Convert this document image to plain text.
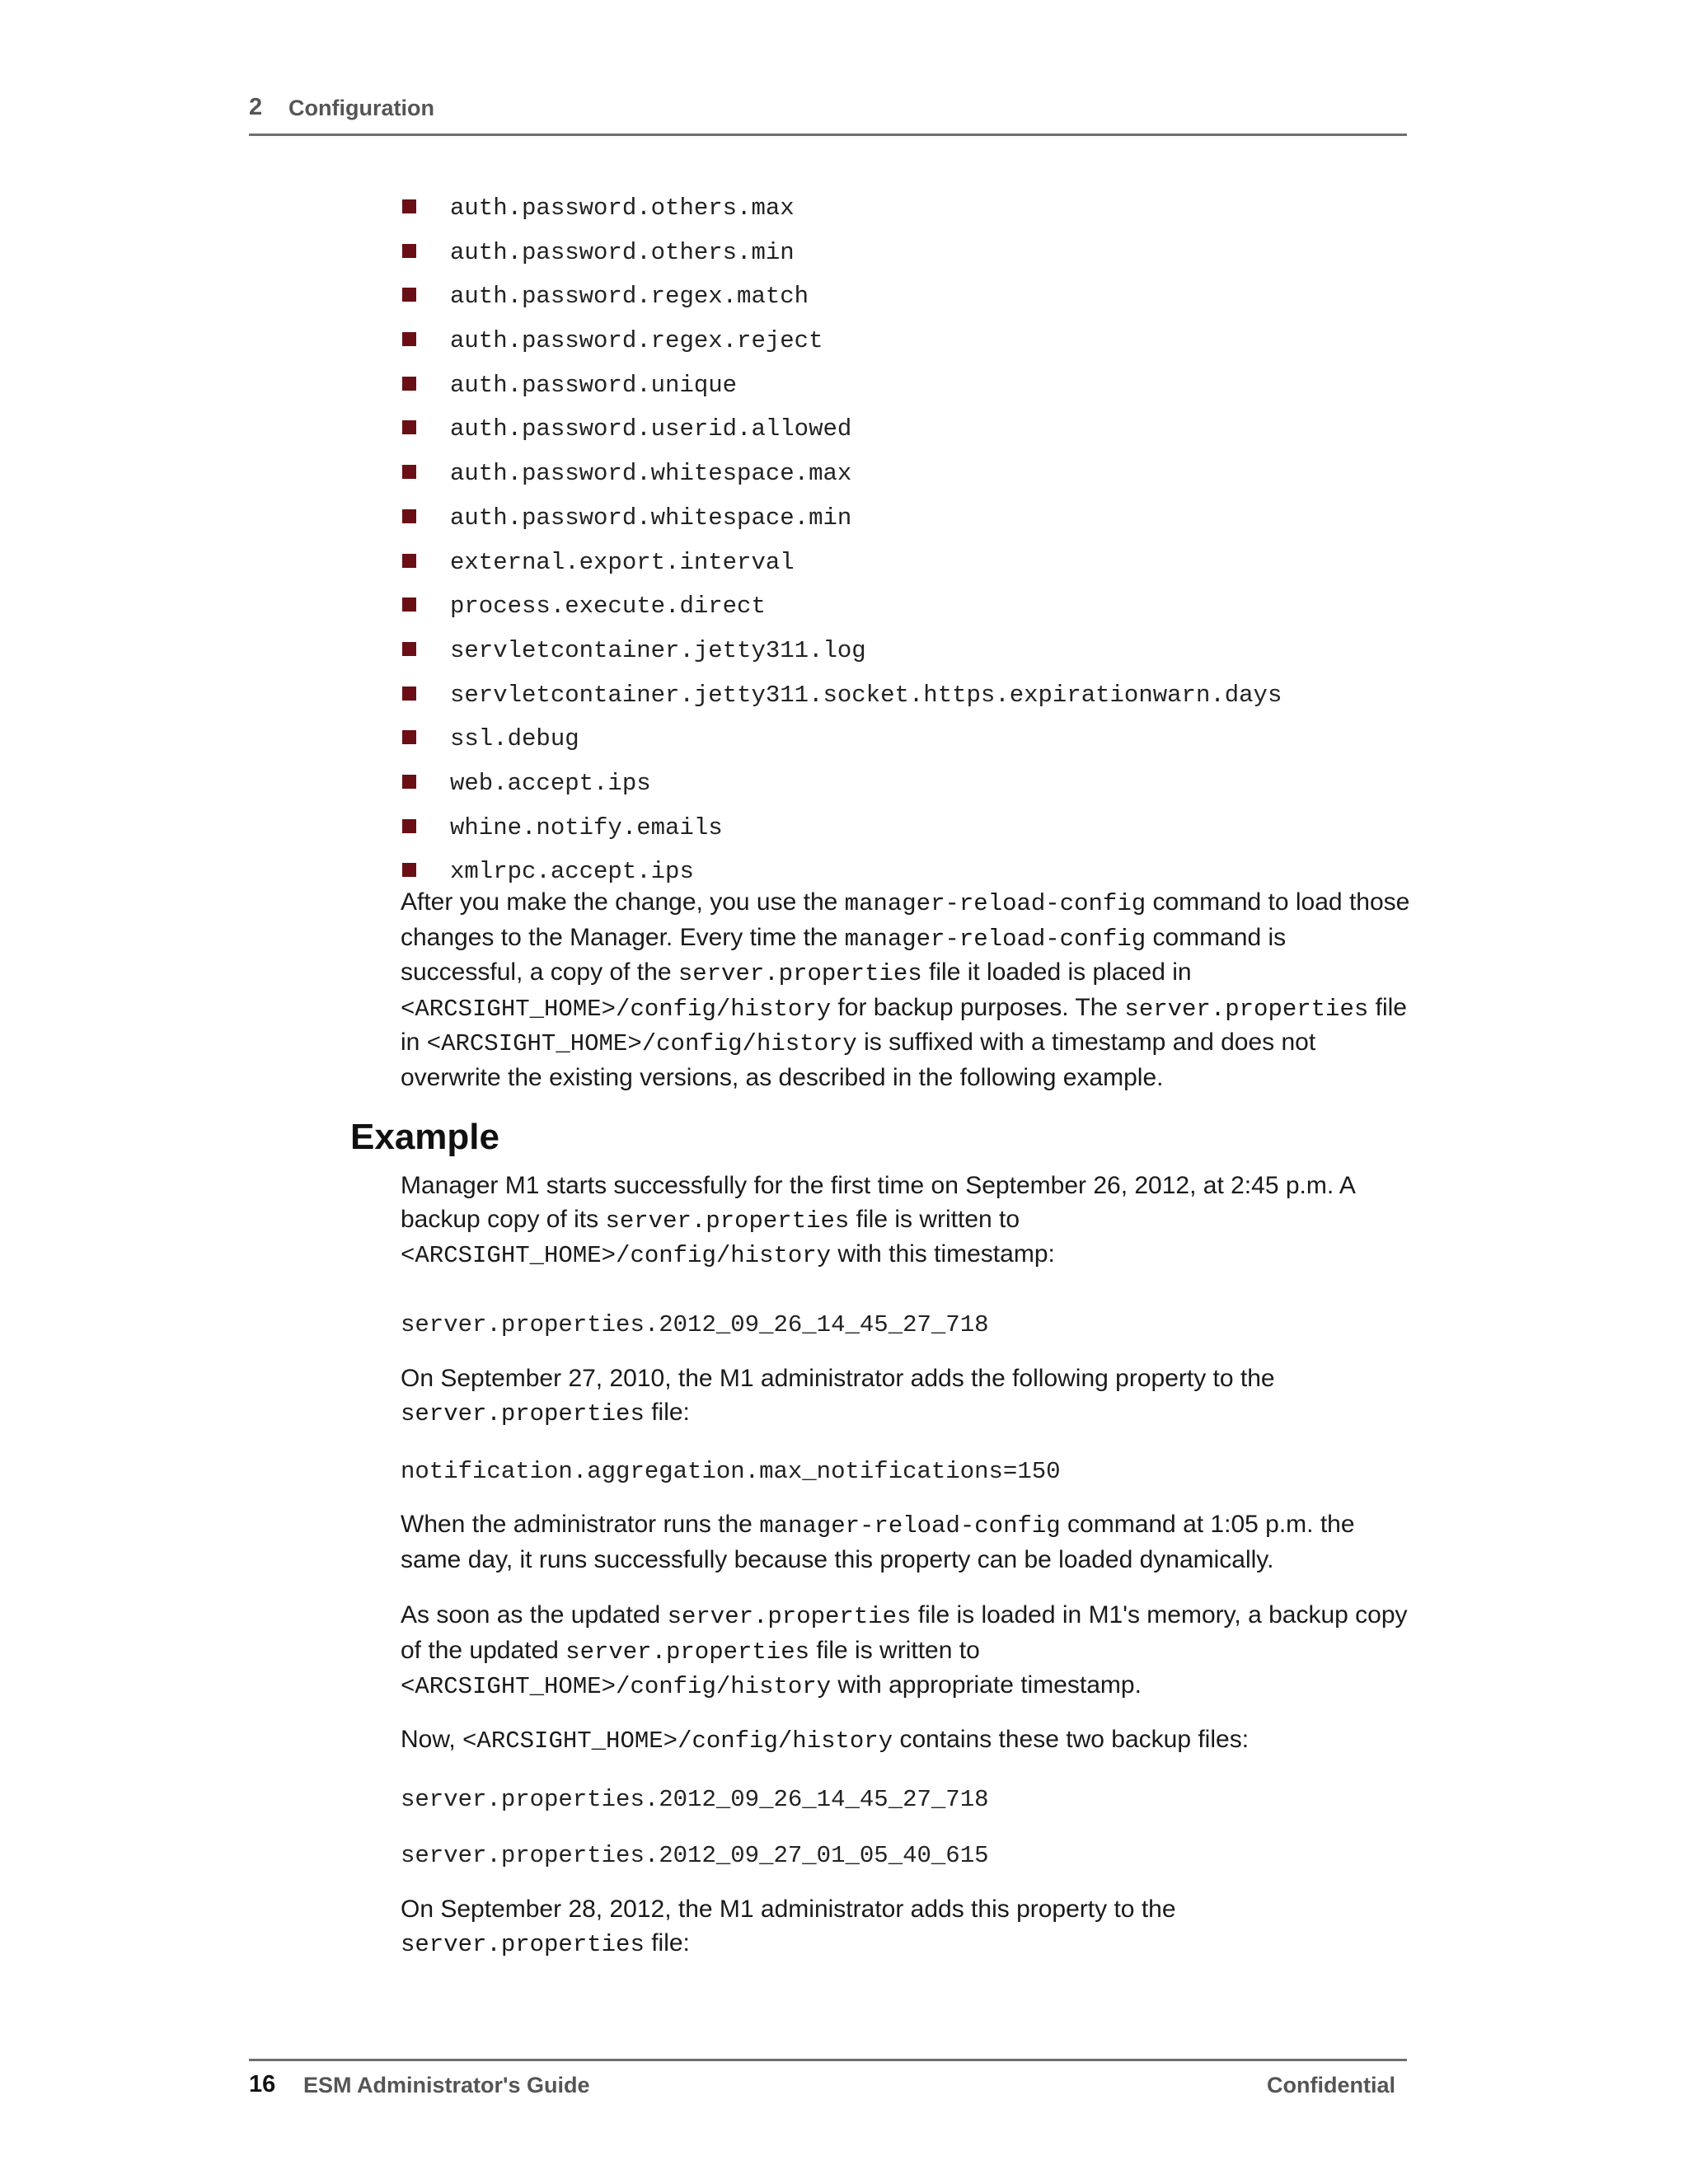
2 Configuration
auth.password.others.max
auth.password.others.min
auth.password.regex.match
auth.password.regex.reject
auth.password.unique
auth.password.userid.allowed
auth.password.whitespace.max
auth.password.whitespace.min
external.export.interval
process.execute.direct
servletcontainer.jetty311.log
servletcontainer.jetty311.socket.https.expirationwarn.days
ssl.debug
web.accept.ips
whine.notify.emails
xmlrpc.accept.ips

After you make the change, you use the manager-reload-config command to load those changes to the Manager. Every time the manager-reload-config command is successful, a copy of the server.properties file it loaded is placed in <ARCSIGHT_HOME>/config/history for backup purposes. The server.properties file in <ARCSIGHT_HOME>/config/history is suffixed with a timestamp and does not overwrite the existing versions, as described in the following example.

Example

Manager M1 starts successfully for the first time on September 26, 2012, at 2:45 p.m. A backup copy of its server.properties file is written to <ARCSIGHT_HOME>/config/history with this timestamp:

server.properties.2012_09_26_14_45_27_718

On September 27, 2010, the M1 administrator adds the following property to the server.properties file:

notification.aggregation.max_notifications=150

When the administrator runs the manager-reload-config command at 1:05 p.m. the same day, it runs successfully because this property can be loaded dynamically.

As soon as the updated server.properties file is loaded in M1's memory, a backup copy of the updated server.properties file is written to <ARCSIGHT_HOME>/config/history with appropriate timestamp.

Now, <ARCSIGHT_HOME>/config/history contains these two backup files:

server.properties.2012_09_26_14_45_27_718
server.properties.2012_09_27_01_05_40_615

On September 28, 2012, the M1 administrator adds this property to the server.properties file:

16 ESM Administrator's Guide	Confidential
